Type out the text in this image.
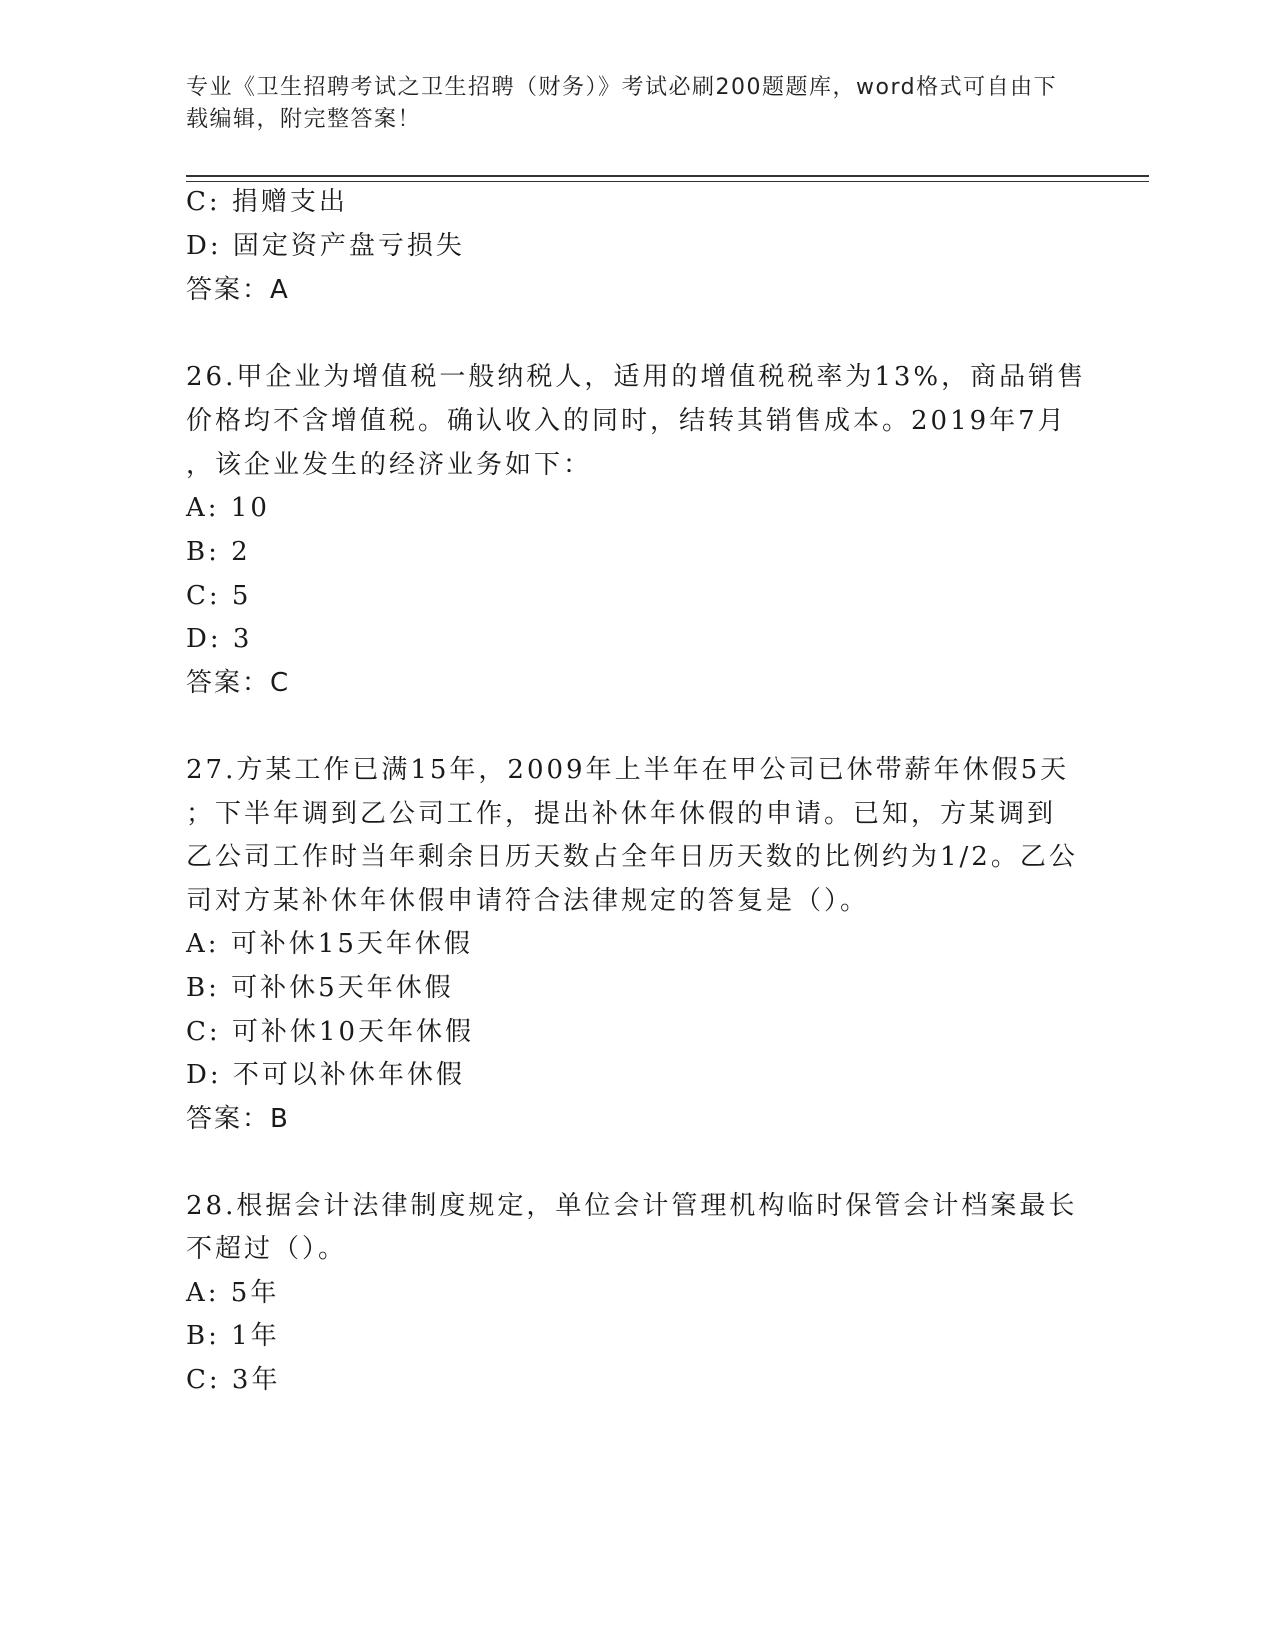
专业《卫生招聘考试之卫生招聘（财务）》考试必刷200题题库，word格式可自由下载编辑，附完整答案！
C: 捐赠支出
D: 固定资产盘亏损失
答案：A
26.甲企业为增值税一般纳税人，适用的增值税税率为13%，商品销售
价格均不含增值税。确认收入的同时，结转其销售成本。2019年7月
，该企业发生的经济业务如下：
A: 10
B: 2
C: 5
D: 3
答案：C
27.方某工作已满15年，2009年上半年在甲公司已休带薪年休假5天
；下半年调到乙公司工作，提出补休年休假的申请。已知，方某调到
乙公司工作时当年剩余日历天数占全年日历天数的比例约为1/2。乙公
司对方某补休年休假申请符合法律规定的答复是（）。
A: 可补休15天年休假
B: 可补休5天年休假
C: 可补休10天年休假
D: 不可以补休年休假
答案：B
28.根据会计法律制度规定，单位会计管理机构临时保管会计档案最长
不超过（）。
A: 5年
B: 1年
C: 3年
